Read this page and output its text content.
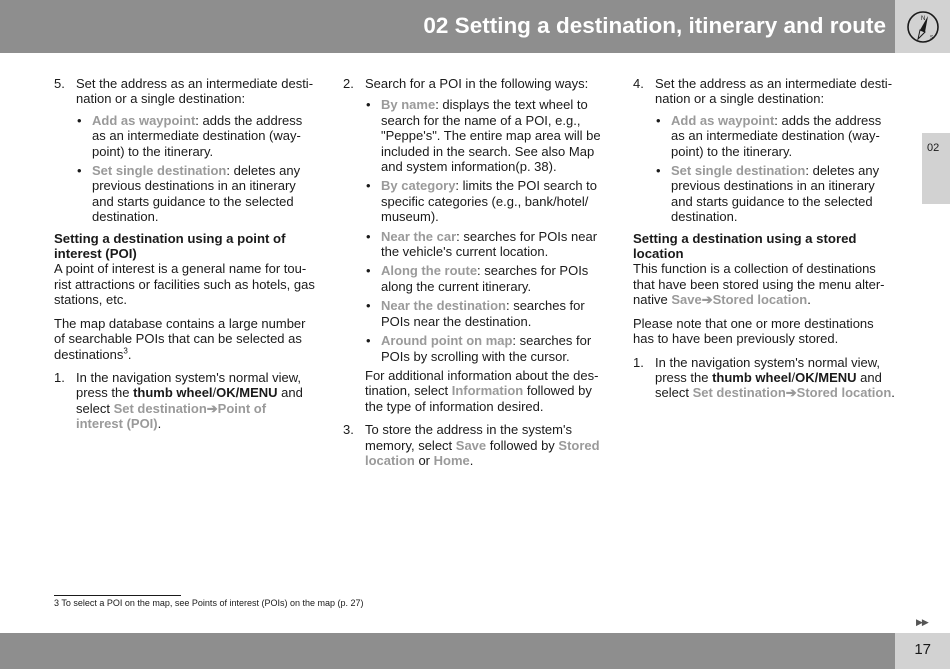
02 Setting a destination, itinerary and route	N
S
02
5. Set the address as an intermediate desti-nation or a single destination:
• Add as waypoint: adds the address as an intermediate destination (way-point) to the itinerary.
• Set single destination: deletes any previous destinations in an itinerary and starts guidance to the selected destination.
Setting a destination using a point of interest (POI)
A point of interest is a general name for tou-rist attractions or facilities such as hotels, gas stations, etc.
The map database contains a large number of searchable POIs that can be selected as destinations$^3$.
1. In the navigation system's normal view, press the thumb wheel/OK/MENU and select Set destination➔Point of interest (POI).
2. Search for a POI in the following ways:
• By name: displays the text wheel to search for the name of a POI, e.g., "Peppe's". The entire map area will be included in the search. See also Map and system information(p. 38).
• By category: limits the POI search to specific categories (e.g., bank/hotel/ museum).
• Near the car: searches for POIs near the vehicle's current location.
• Along the route: searches for POIs along the current itinerary.
• Near the destination: searches for POIs near the destination.
• Around point on map: searches for POIs by scrolling with the cursor.
For additional information about the des-tination, select Information followed by the type of information desired.
3. To store the address in the system's memory, select Save followed by Stored location or Home.
4. Set the address as an intermediate desti-nation or a single destination:
• Add as waypoint: adds the address as an intermediate destination (way-point) to the itinerary.
• Set single destination: deletes any previous destinations in an itinerary and starts guidance to the selected destination.
Setting a destination using a stored location
This function is a collection of destinations that have been stored using the menu alter-native Save➔Stored location.
Please note that one or more destinations has to have been previously stored.
1. In the navigation system's normal view, press the thumb wheel/OK/MENU and select Set destination➔Stored location.
3 To select a POI on the map, see Points of interest (POIs) on the map (p. 27)
▶▶
17
